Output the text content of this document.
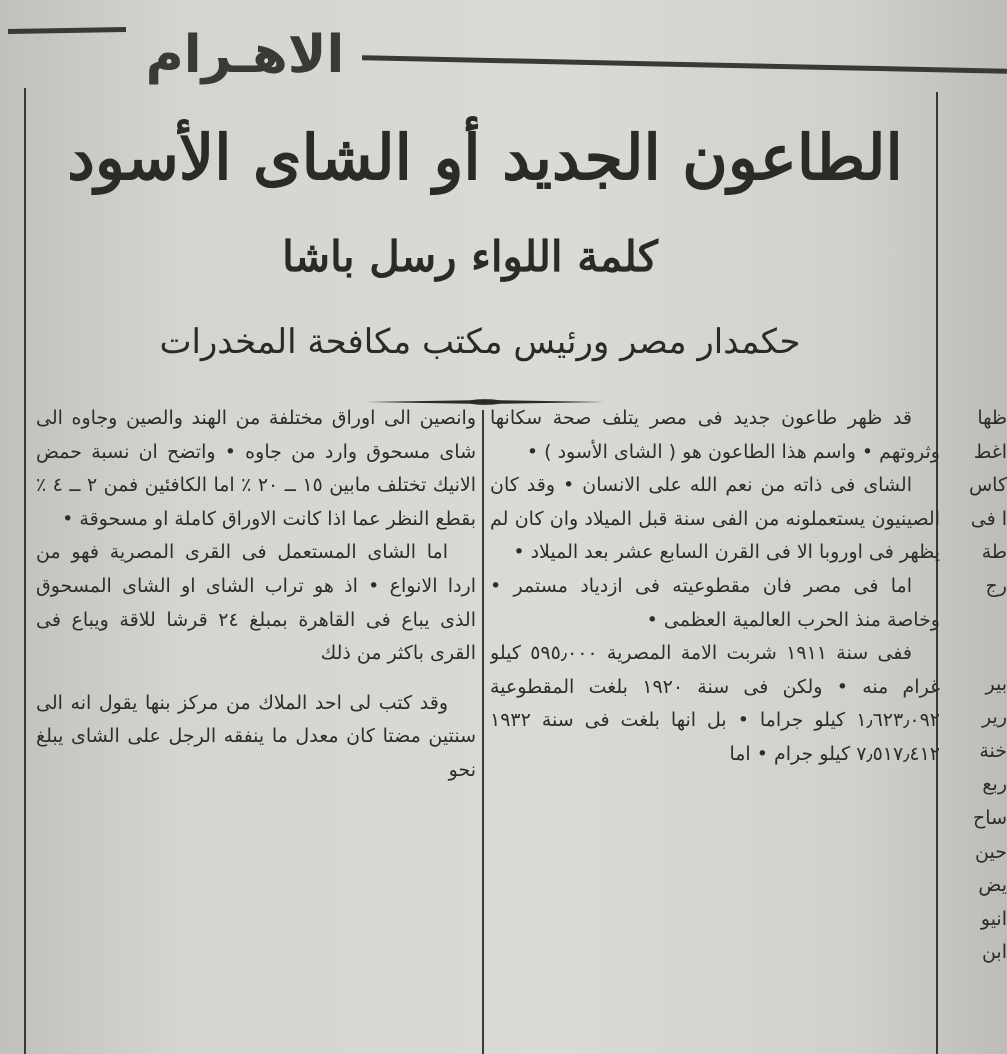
الاهـرام
الطاعون الجديد أو الشاى الأسود
كلمة اللواء رسل باشا
حكمدار مصر ورئيس مكتب مكافحة المخدرات

قد ظهر طاعون جديد فى مصر يتلف صحة سكانها وثروتهم • واسم هذا الطاعون هو ( الشاى الأسود ) •

الشاى فى ذاته من نعم الله على الانسان • وقد كان الصينيون يستعملونه من الفى سنة قبل الميلاد وان كان لم يظهر فى اوروبا الا فى القرن السابع عشر بعد الميلاد •

اما فى مصر فان مقطوعيته فى ازدياد مستمر • وخاصة منذ الحرب العالمية العظمى •

ففى سنة ١٩١١ شربت الامة المصرية ٥٩٥٫٠٠٠ كيلو غرام منه • ولكن فى سنة ١٩٢٠ بلغت المقطوعية ١٫٦٢٣٫٠٩٢ كيلو جراما • بل انها بلغت فى سنة ١٩٣٢ ٧٫٥١٧٫٤١٢ كيلو جرام • اما

وانصين الى اوراق مختلفة من الهند والصين وجاوه الى شاى مسحوق وارد من جاوه • واتضح ان نسبة حمض الانيك تختلف مابين ١٥ ــ ٢٠ ٪ اما الكافئين فمن ٢ ــ ٤ ٪ بقطع النظر عما اذا كانت الاوراق كاملة او مسحوقة •

اما الشاى المستعمل فى القرى المصرية فهو من اردا الانواع • اذ هو تراب الشاى او الشاى المسحوق الذى يباع فى القاهرة بمبلغ ٢٤ قرشا للاقة ويباع فى القرى باكثر من ذلك

وقد كتب لى احد الملاك من مركز بنها يقول انه الى سنتين مضتا كان معدل ما ينفقه الرجل على الشاى يبلغ نحو

ظها
اغط
كاس
ا فى
طة
رج
بير
رير
خنة
ربع
ساح
حين
يض
انيو
ابن
